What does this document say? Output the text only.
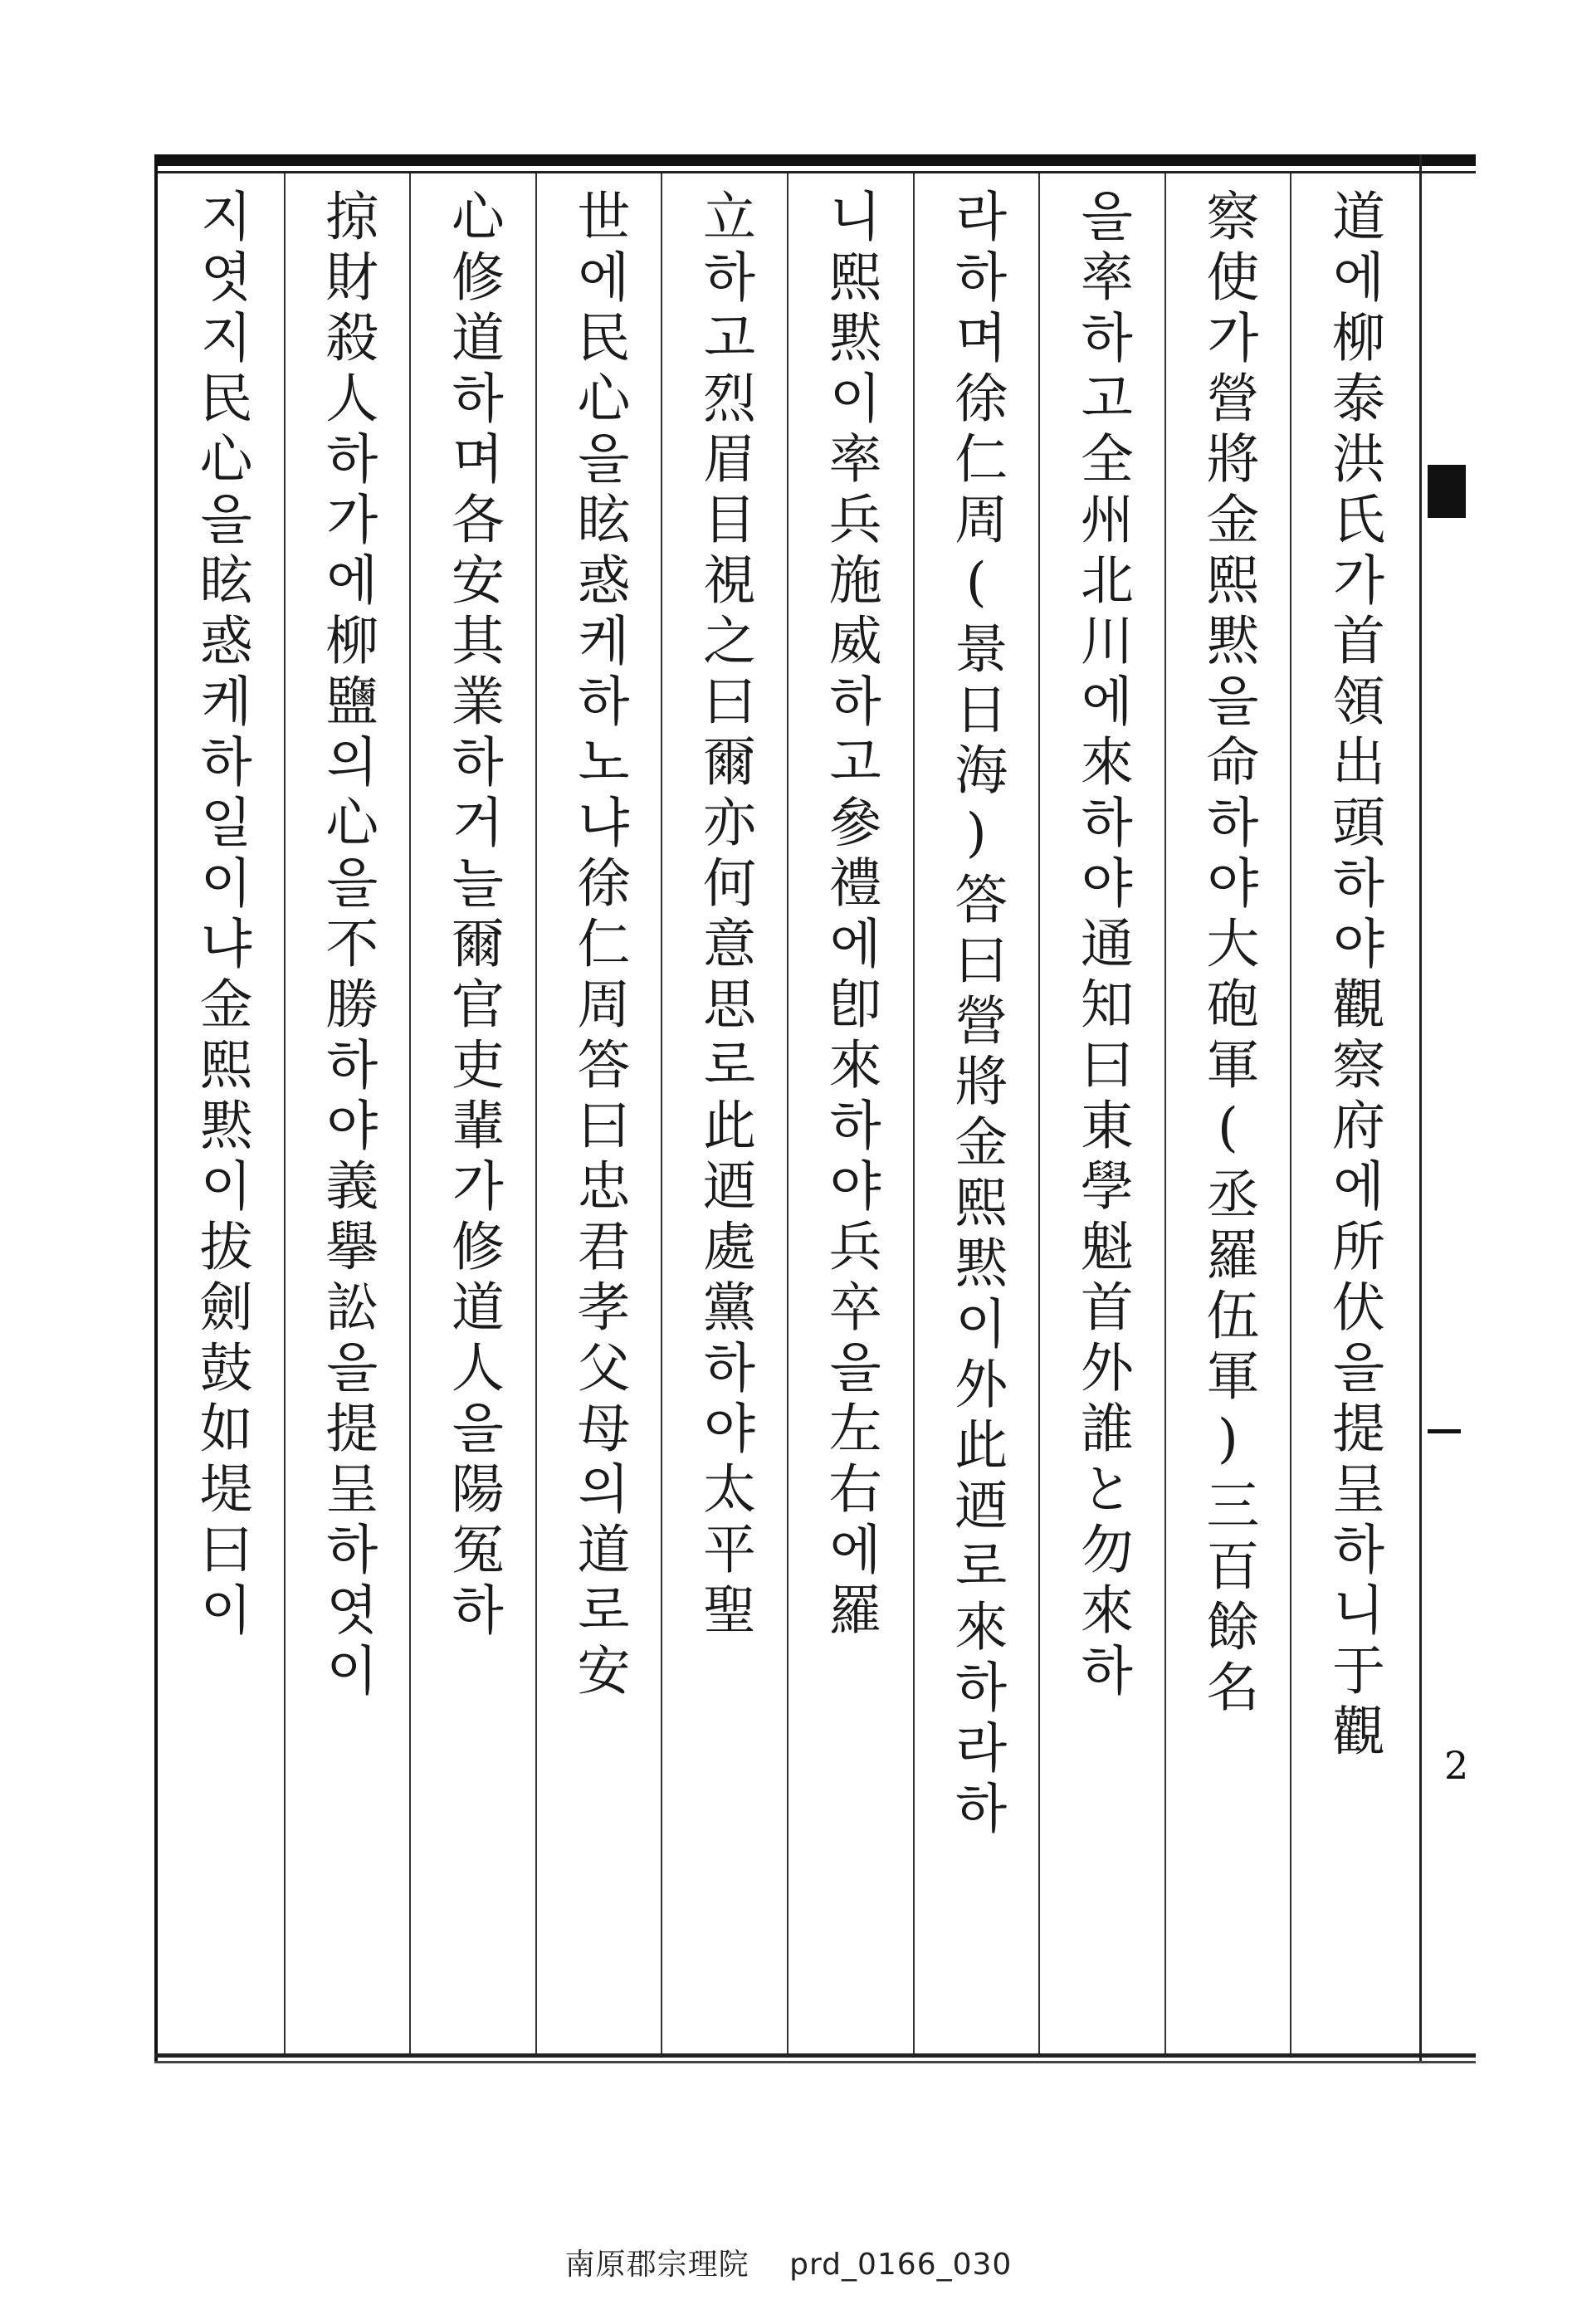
2
道에柳泰洪氏가首領出頭하야觀察府에所伏을提呈하니于觀
察使가營將金熙黙을命하야大砲軍(丞羅伍軍)三百餘名
을率하고全州北川에來하야通知曰東學魁首外誰と勿來하
라하며徐仁周(景日海)答曰營將金熙黙이外此迺로來하라하
니熙黙이率兵施威하고參禮에卽來하야兵卒을左右에羅
立하고烈眉目視之曰爾亦何意思로此迺處黨하야太平聖
世에民心을眩惑케하노냐徐仁周答曰忠君孝父母의道로安
心修道하며各安其業하거늘爾官吏輩가修道人을陽冤하
掠財殺人하가에柳鹽의心을不勝하야義擧訟을提呈하엿이
지엿지民心을眩惑케하일이냐金熙黙이拔劍鼓如堤曰이
南原郡宗理院 prd_0166_030
